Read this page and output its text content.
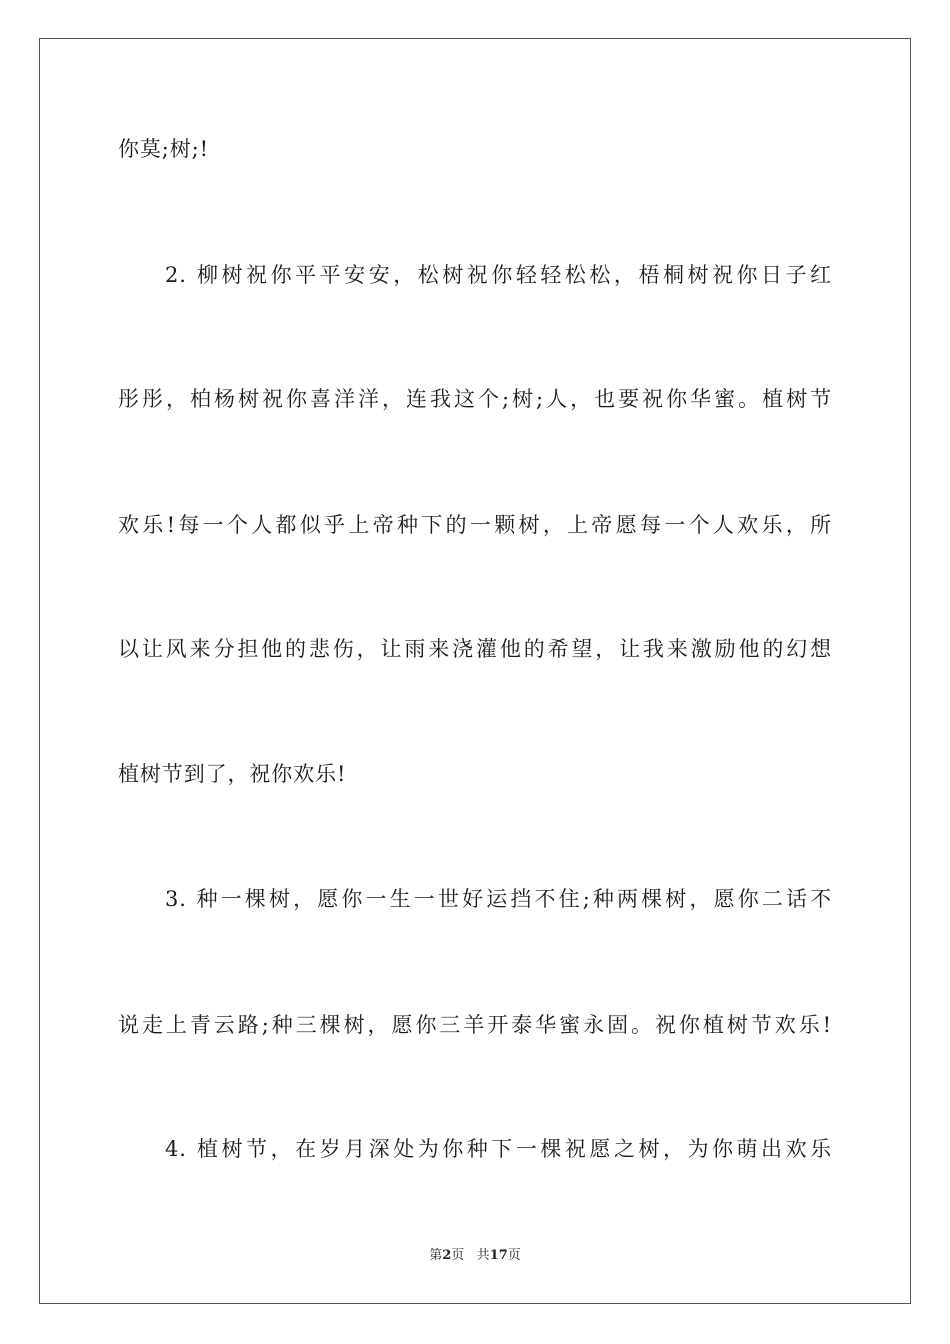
你莫;树;!
2. 柳树祝你平平安安，松树祝你轻轻松松，梧桐树祝你日子红
彤彤，柏杨树祝你喜洋洋，连我这个;树;人，也要祝你华蜜。植树节
欢乐!每一个人都似乎上帝种下的一颗树，上帝愿每一个人欢乐，所
以让风来分担他的悲伤，让雨来浇灌他的希望，让我来激励他的幻想
植树节到了，祝你欢乐!
3. 种一棵树，愿你一生一世好运挡不住;种两棵树，愿你二话不
说走上青云路;种三棵树，愿你三羊开泰华蜜永固。祝你植树节欢乐!
4. 植树节，在岁月深处为你种下一棵祝愿之树，为你萌出欢乐
第2页 共17页
